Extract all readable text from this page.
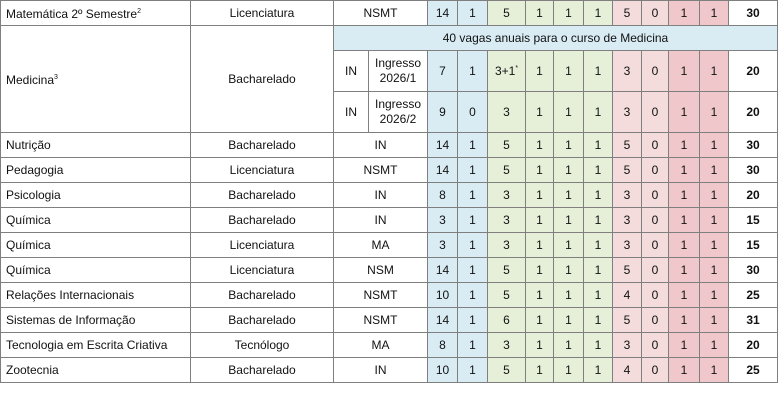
Matemática 2º Semestre$^2$	Licenciatura	NSMT		14	1	5	1	1	1	5	0	1	1	30
Medicina$^3$	Bacharelado	40 vagas anuais para o curso de Medicina												
		IN	Ingresso 2026/1	7	1	3+1*	1	1	1	3	0	1	1	20
		IN	Ingresso 2026/2	9	0	3	1	1	1	3	0	1	1	20
Nutrição	Bacharelado	IN		14	1	5	1	1	1	5	0	1	1	30
Pedagogia	Licenciatura	NSMT		14	1	5	1	1	1	5	0	1	1	30
Psicologia	Bacharelado	IN		8	1	3	1	1	1	3	0	1	1	20
Química	Bacharelado	IN		3	1	3	1	1	1	3	0	1	1	15
Química	Licenciatura	MA		3	1	3	1	1	1	3	0	1	1	15
Química	Licenciatura	NSM		14	1	5	1	1	1	5	0	1	1	30
Relações Internacionais	Bacharelado	NSMT		10	1	5	1	1	1	4	0	1	1	25
Sistemas de Informação	Bacharelado	NSMT		14	1	6	1	1	1	5	0	1	1	31
Tecnologia em Escrita Criativa	Tecnólogo	MA		8	1	3	1	1	1	3	0	1	1	20
Zootecnia	Bacharelado	IN		10	1	5	1	1	1	4	0	1	1	25
